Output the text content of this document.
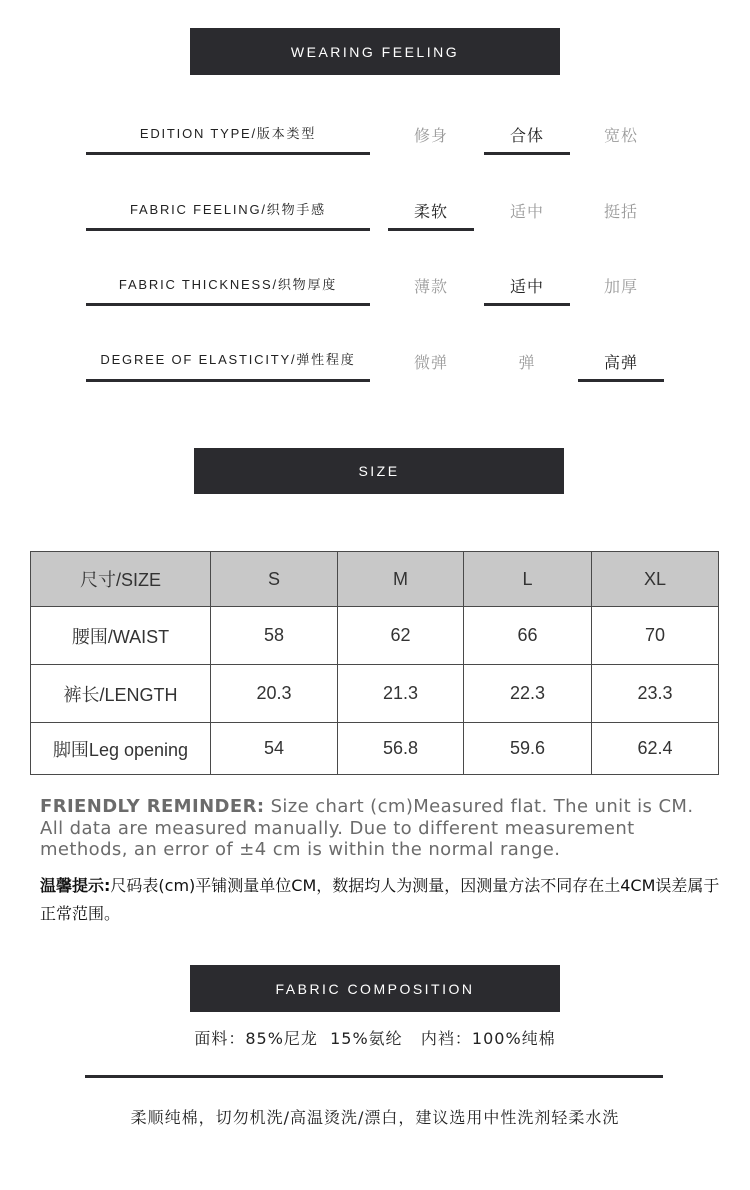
WEARING FEELING
EDITION TYPE/版本类型	修身	合体	宽松
FABRIC FEELING/织物手感	柔软	适中	挺括
FABRIC THICKNESS/织物厚度	薄款	适中	加厚
DEGREE OF ELASTICITY/弹性程度	微弹	弹	高弹
SIZE
尺寸/SIZE	S	M	L	XL
腰围/WAIST	58	62	66	70
裤长/LENGTH	20.3	21.3	22.3	23.3
脚围Leg opening	54	56.8	59.6	62.4
FRIENDLY REMINDER: Size chart (cm)Measured flat. The unit is CM. All data are measured manually. Due to different measurement methods, an error of ±4 cm is within the normal range.
温馨提示:尺码表(cm)平铺测量单位CM，数据均人为测量，因测量方法不同存在土4CM误差属于正常范围。
FABRIC COMPOSITION
面料：85%尼龙  15%氨纶   内裆：100%纯棉
柔顺纯棉，切勿机洗/高温烫洗/漂白，建议选用中性洗剂轻柔水洗
